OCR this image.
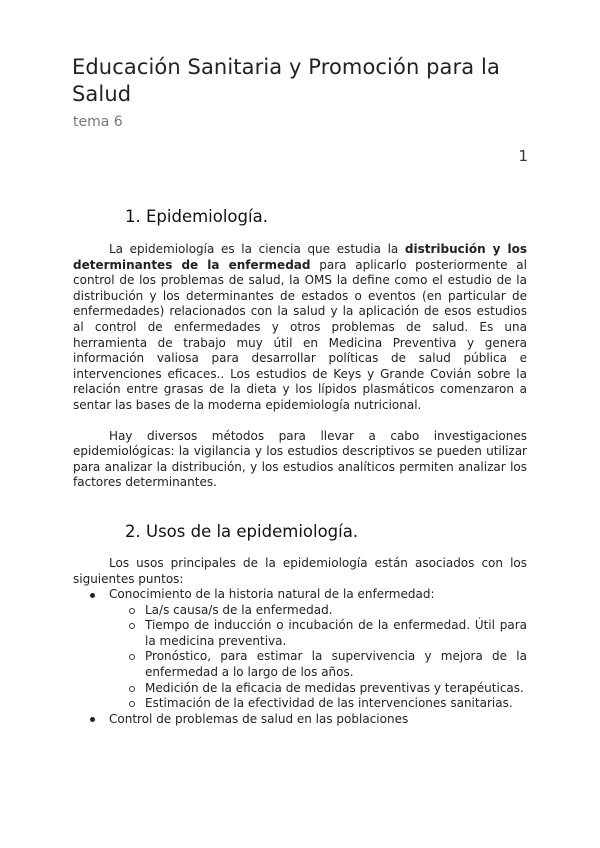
Educación Sanitaria y Promoción para la Salud
tema 6
1
1. Epidemiología.

La epidemiología es la ciencia que estudia la distribución y los determinantes de la enfermedad para aplicarlo posteriormente al control de los problemas de salud, la OMS la define como el estudio de la distribución y los determinantes de estados o eventos (en particular de enfermedades) relacionados con la salud y la aplicación de esos estudios al control de enfermedades y otros problemas de salud. Es una herramienta de trabajo muy útil en Medicina Preventiva y genera información valiosa para desarrollar políticas de salud pública e intervenciones eficaces.. Los estudios de Keys y Grande Covián sobre la relación entre grasas de la dieta y los lípidos plasmáticos comenzaron a sentar las bases de la moderna epidemiología nutricional.

Hay diversos métodos para llevar a cabo investigaciones epidemiológicas: la vigilancia y los estudios descriptivos se pueden utilizar para analizar la distribución, y los estudios analíticos permiten analizar los factores determinantes.

2. Usos de la epidemiología.

Los usos principales de la epidemiología están asociados con los siguientes puntos:

Conocimiento de la historia natural de la enfermedad:
La/s causa/s de la enfermedad.
Tiempo de inducción o incubación de la enfermedad. Útil para la medicina preventiva.
Pronóstico, para estimar la supervivencia y mejora de la enfermedad a lo largo de los años.
Medición de la eficacia de medidas preventivas y terapéuticas.
Estimación de la efectividad de las intervenciones sanitarias.
Control de problemas de salud en las poblaciones
